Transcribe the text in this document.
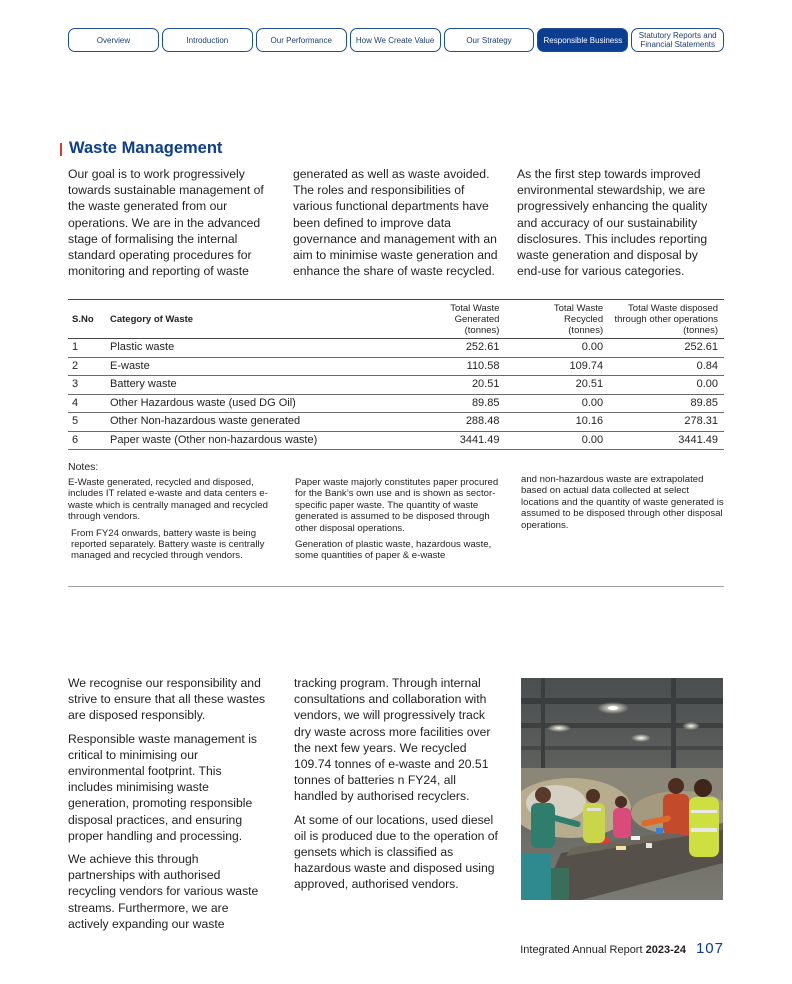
Overview	Introduction	Our Performance	How We Create Value	Our Strategy	Responsible Business	Statutory Reports and Financial Statements
Waste Management
Our goal is to work progressively towards sustainable management of the waste generated from our operations. We are in the advanced stage of formalising the internal standard operating procedures for monitoring and reporting of waste
generated as well as waste avoided. The roles and responsibilities of various functional departments have been defined to improve data governance and management with an aim to minimise waste generation and enhance the share of waste recycled.
As the first step towards improved environmental stewardship, we are progressively enhancing the quality and accuracy of our sustainability disclosures. This includes reporting waste generation and disposal by end-use for various categories.
S.No	Category of Waste	Total Waste Generated (tonnes)	Total Waste Recycled (tonnes)	Total Waste disposed through other operations (tonnes)
1	Plastic waste	252.61	0.00	252.61
2	E-waste	110.58	109.74	0.84
3	Battery waste	20.51	20.51	0.00
4	Other Hazardous waste (used DG Oil)	89.85	0.00	89.85
5	Other Non-hazardous waste generated	288.48	10.16	278.31
6	Paper waste (Other non-hazardous waste)	3441.49	0.00	3441.49

Notes:

E-Waste generated, recycled and disposed, includes IT related e-waste and data centers e-waste which is centrally managed and recycled through vendors.

From FY24 onwards, battery waste is being reported separately. Battery waste is centrally managed and recycled through vendors.

Paper waste majorly constitutes paper procured for the Bank’s own use and is shown as sector-specific paper waste. The quantity of waste generated is assumed to be disposed through other disposal operations.

Generation of plastic waste, hazardous waste, some quantities of paper & e-waste

and non-hazardous waste are extrapolated based on actual data collected at select locations and the quantity of waste generated is assumed to be disposed through other disposal operations.

We recognise our responsibility and strive to ensure that all these wastes are disposed responsibly.

Responsible waste management is critical to minimising our environmental footprint. This includes minimising waste generation, promoting responsible disposal practices, and ensuring proper handling and processing.

We achieve this through partnerships with authorised recycling vendors for various waste streams. Furthermore, we are actively expanding our waste

tracking program. Through internal consultations and collaboration with vendors, we will progressively track dry waste across more facilities over the next few years. We recycled 109.74 tonnes of e-waste and 20.51 tonnes of batteries n FY24, all handled by authorised recyclers.

At some of our locations, used diesel oil is produced due to the operation of gensets which is classified as hazardous waste and disposed using approved, authorised vendors.

Integrated Annual Report 2023-24 107
